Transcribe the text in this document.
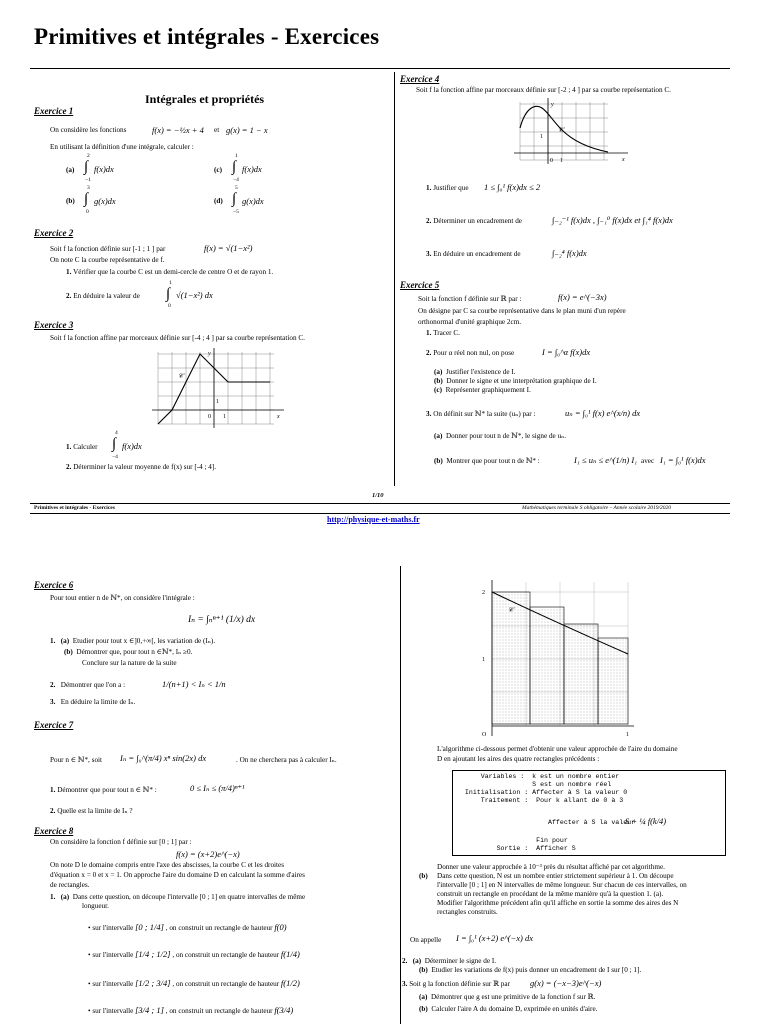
Primitives et intégrales - Exercices
Intégrales et propriétés
Exercice 1
On considère les fonctions	f(x) = −½x + 4 et g(x) = 1 − x
En utilisant la définition d'une intégrale, calculer :
(a)
2
∫
−1
f(x)dx
(b)
3
∫
0
g(x)dx
(c)
1
∫
−4
f(x)dx
(d)
5
∫
−5
g(x)dx
Exercice 2
Soit f la fonction définie sur [-1 ; 1 ] par	f(x) = √(1−x²)
On note C la courbe représentative de f.
1. Vérifier que la courbe C est un demi-cercle de centre O et de rayon 1.
2. En déduire la valeur de
1
∫
0
√(1−x²) dx
Exercice 3
Soit f la fonction affine par morceaux définie sur [-4 ; 4 ] par sa courbe représentation C.
𝒞
y
x
1
0 1
1. Calculer
4
∫
−4
f(x)dx
2. Déterminer la valeur moyenne de f(x) sur [-4 ; 4].
Exercice 4
Soit f la fonction affine par morceaux définie sur [-2 ; 4 ] par sa courbe représentation C.
𝒞
y
x
1
0 1
1. Justifier que 1 ≤ ∫₀¹ f(x)dx ≤ 2
2. Déterminer un encadrement de	∫₋₂⁻¹ f(x)dx , ∫₋₁⁰ f(x)dx et ∫₁⁴ f(x)dx
3. En déduire un encadrement de	∫₋₂⁴ f(x)dx
Exercice 5
Soit la fonction f définie sur ℝ par :	f(x) = e^(−3x)
On désigne par C sa courbe représentative dans le plan muni d'un repère
orthonormal d'unité graphique 2cm.
1. Tracer C.
2. Pour α réel non nul, on pose	I = ∫₀^α f(x)dx
(a) Justifier l'existence de I.
(b) Donner le signe et une interprétation graphique de I.
(c) Représenter graphiquement I.
3. On définit sur ℕ* la suite (uₙ) par :	uₙ = ∫₀¹ f(x) e^(x/n) dx
(a) Donner pour tout n de ℕ*, le signe de uₙ.
(b) Montrer que pour tout n de ℕ* :	I₁ ≤ uₙ ≤ e^(1/n) I₁ avec I₁ = ∫₀¹ f(x)dx
1/10
Primitives et intégrales - Exercices	Mathématiques terminale S obligatoire – Année scolaire 2019/2020
http://physique-et-maths.fr
Exercice 6
Pour tout entier n de ℕ*, on considère l'intégrale :
Iₙ = ∫ₙⁿ⁺¹ (1/x) dx
1. (a) Etudier pour tout x ∈]0,+∞[, les variation de (Iₙ).
(b) Démontrer que, pour tout n ∈ℕ*, Iₙ ≥0.
Conclure sur la nature de la suite
2. Démontrer que l'on a :	1/(n+1) < Iₙ < 1/n
3. En déduire la limite de Iₙ.
Exercice 7
Pour n ∈ ℕ*, soit Iₙ = ∫₀^(π/4) xⁿ sin(2x) dx	. On ne cherchera pas à calculer Iₙ.
1. Démontrer que pour tout n ∈ ℕ* :	0 ≤ Iₙ ≤ (π/4)ⁿ⁺¹
2. Quelle est la limite de Iₙ ?
Exercice 8
On considère la fonction f définie sur [0 ; 1] par :
f(x) = (x+2)e^(−x)
On note D le domaine compris entre l'axe des abscisses, la courbe C et les droites
d'équation x = 0 et x = 1. On approche l'aire du domaine D en calculant la somme d'aires
de rectangles.
1. (a) Dans cette question, on découpe l'intervalle [0 ; 1] en quatre intervalles de même
longueur.
• sur l'intervalle [0 ; 1/4] , on construit un rectangle de hauteur f(0)
• sur l'intervalle [1/4 ; 1/2] , on construit un rectangle de hauteur f(1/4)
• sur l'intervalle [1/2 ; 3/4] , on construit un rectangle de hauteur f(1/2)
• sur l'intervalle [3/4 ; 1] , on construit un rectangle de hauteur f(3/4)
𝒞
2
1
O	1
L'algorithme ci-dessous permet d'obtenir une valeur approchée de l'aire du domaine
D en ajoutant les aires des quatre rectangles précédents :
Variables :  k est un nombre entier
S est un nombre réel
Initialisation : Affecter à S la valeur 0
Traitement :  Pour k allant de 0 à 3
Affecter à S la valeur
S + ¼ f(k/4)
Fin pour
Sortie :  Afficher S
Donner une valeur approchée à 10⁻³ près du résultat affiché par cet algorithme.
(b) Dans cette question, N est un nombre entier strictement supérieur à 1. On découpe
l'intervalle [0 ; 1] en N intervalles de même longueur. Sur chacun de ces intervalles, on
construit un rectangle en procédant de la même manière qu'à la question 1. (a).
Modifier l'algorithme précédent afin qu'il affiche en sortie la somme des aires des N
rectangles construits.
On appelle I = ∫₀¹ (x+2) e^(−x) dx
2. (a) Déterminer le signe de I.
(b) Etudier les variations de f(x) puis donner un encadrement de I sur [0 ; 1].
3. Soit g la fonction définie sur ℝ par g(x) = (−x−3)e^(−x)
(a) Démontrer que g est une primitive de la fonction f sur ℝ.
(b) Calculer l'aire A du domaine D, exprimée en unités d'aire.
